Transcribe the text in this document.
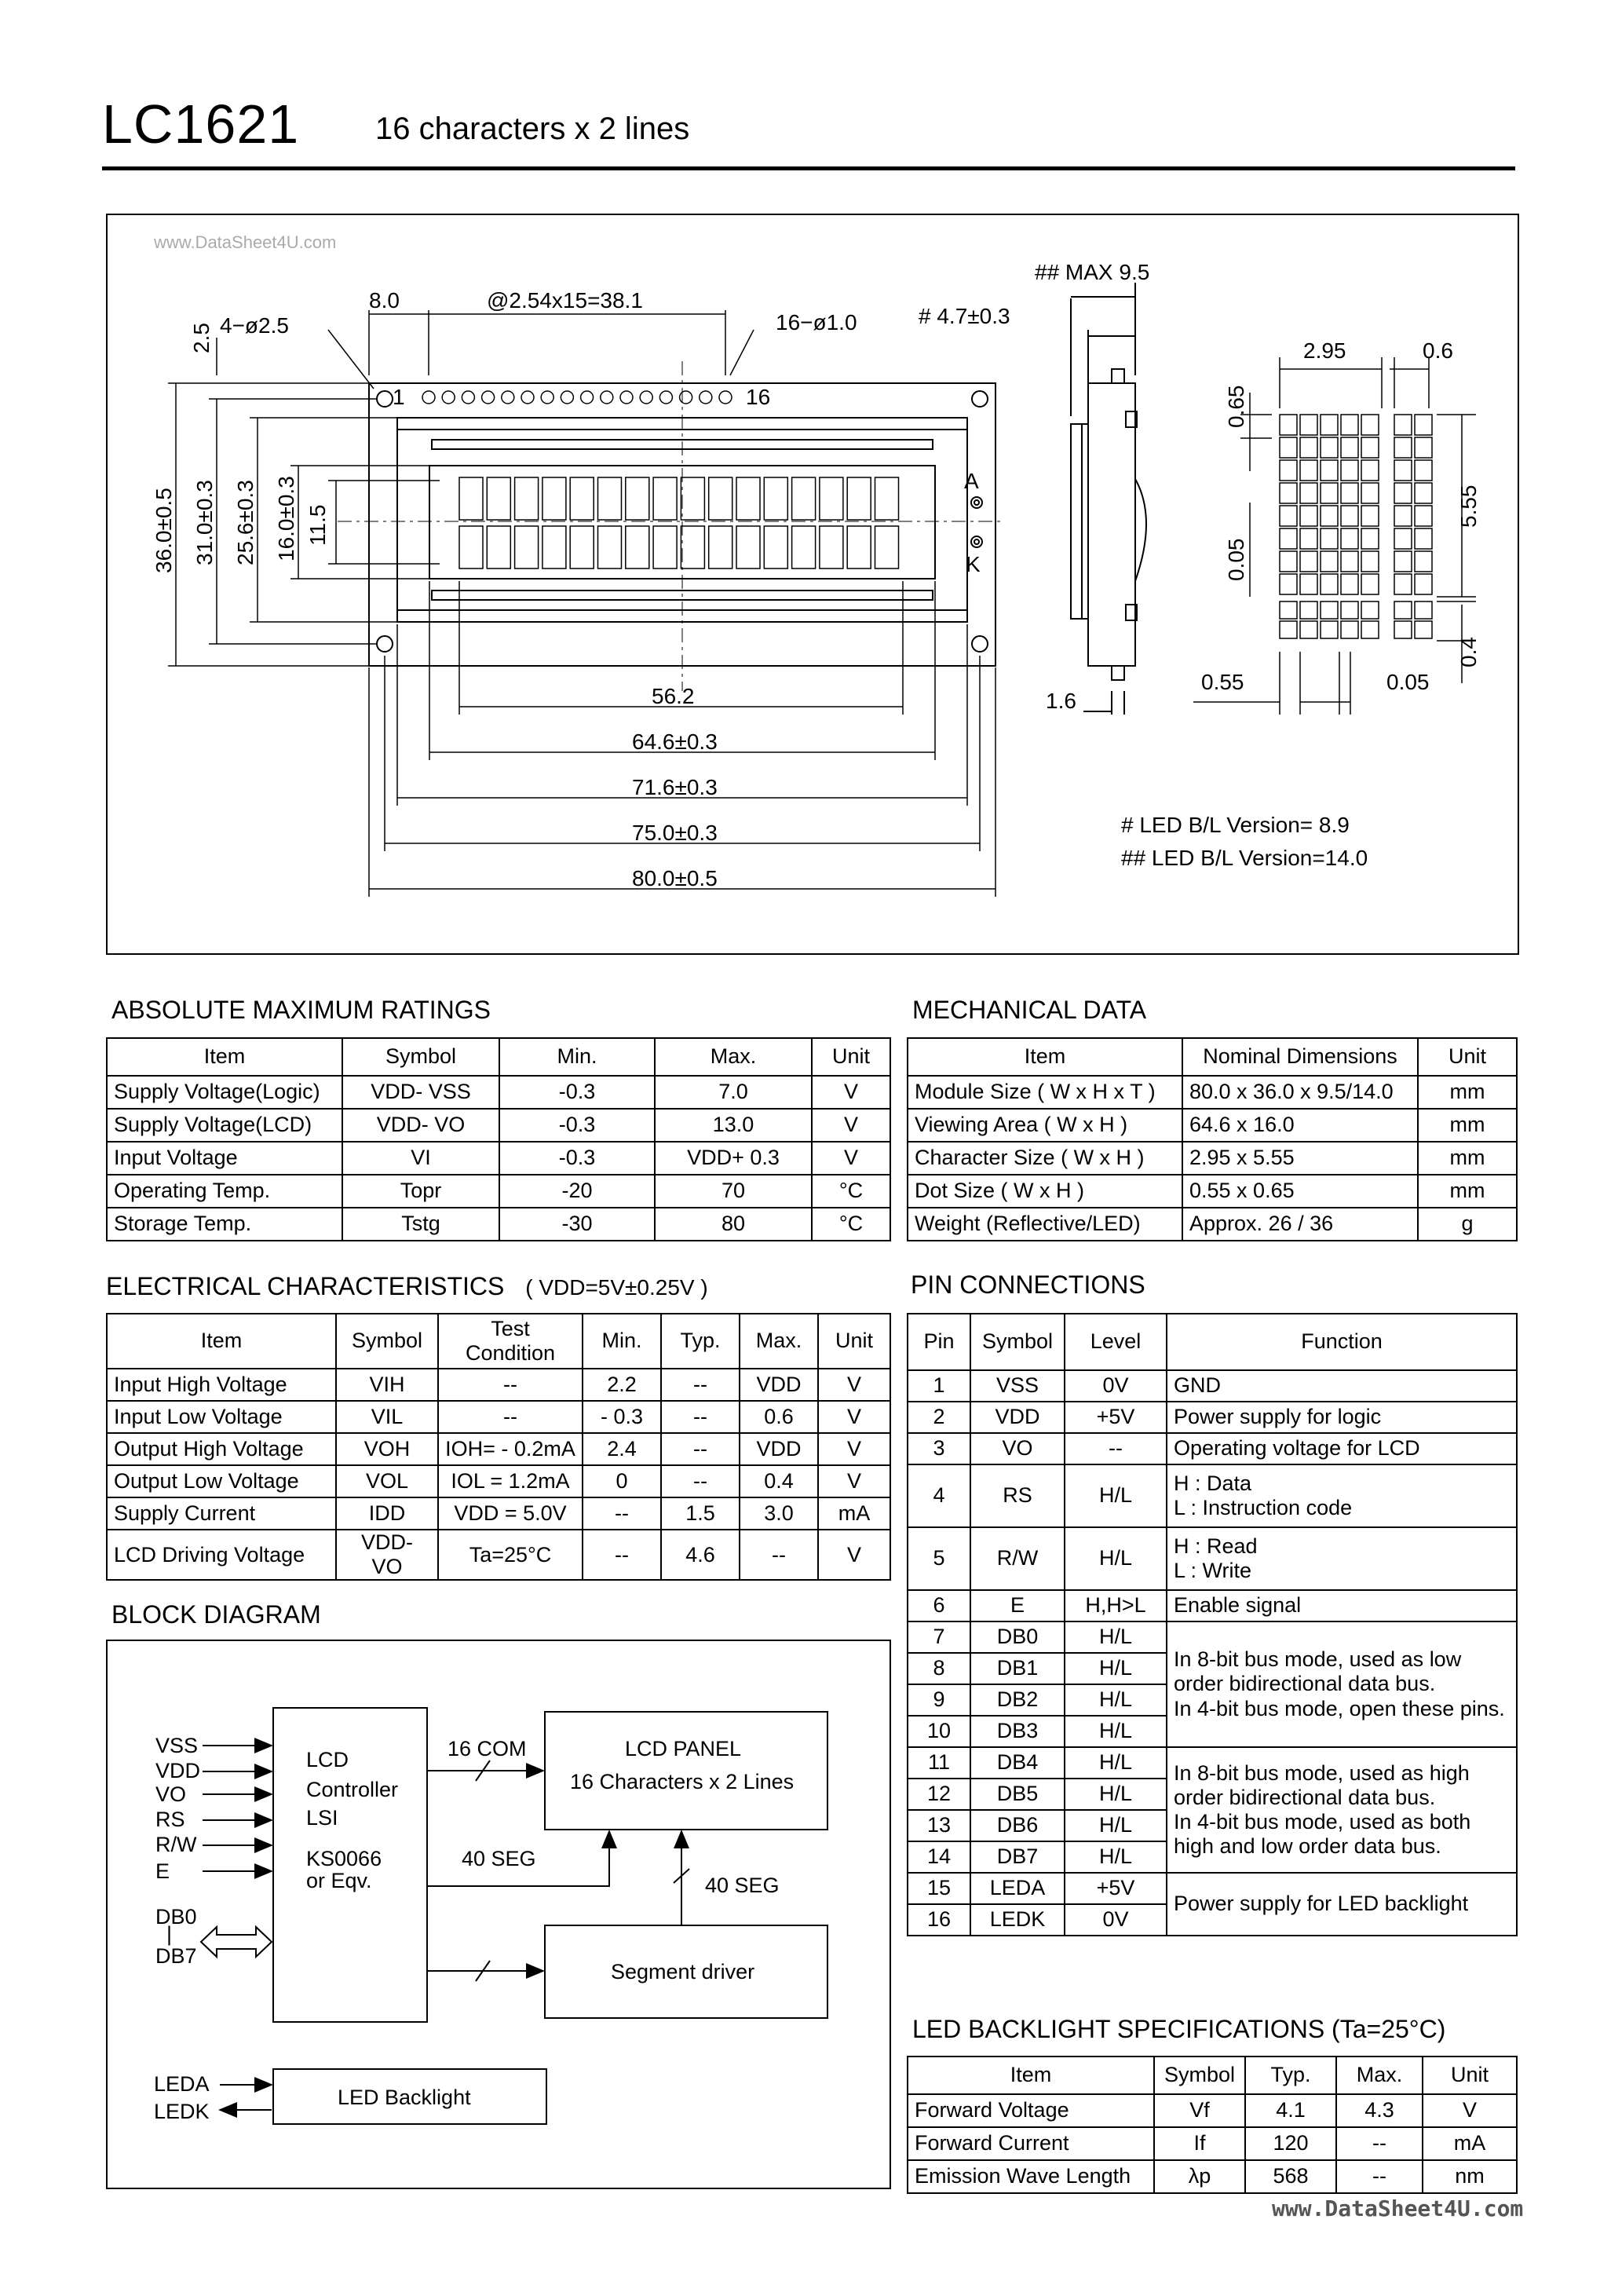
LC1621 16 characters x 2 lines
www.DataSheet4U.com
8.0	@2.54x15=38.1
4−ø2.5	16−ø1.0
1	16
A
K
56.2
64.6±0.3
71.6±0.3
75.0±0.3
80.0±0.5
36.0±0.5 31.0±0.3 25.6±0.3 16.0±0.3 11.5
2.5
## MAX 9.5
# 4.7±0.3
1.6
2.95	0.6
5.55
0.65
0.05
0.4
0.55	0.05
# LED B/L Version= 8.9
## LED B/L Version=14.0
ABSOLUTE MAXIMUM RATINGS
Item	Symbol	Min.	Max.	Unit
Supply Voltage(Logic)	VDD- VSS	-0.3	7.0	V
Supply Voltage(LCD)	VDD- VO	-0.3	13.0	V
Input Voltage	VI	-0.3	VDD+ 0.3	V
Operating Temp.	Topr	-20	70	°C
Storage Temp.	Tstg	-30	80	°C
MECHANICAL DATA
Item	Nominal Dimensions	Unit
Module Size ( W x H x T )	80.0 x 36.0 x 9.5/14.0	mm
Viewing Area ( W x H )	64.6 x 16.0	mm
Character Size ( W x H )	2.95 x 5.55	mm
Dot Size ( W x H )	0.55 x 0.65	mm
Weight (Reflective/LED)	Approx. 26 / 36	g
ELECTRICAL CHARACTERISTICS ( VDD=5V±0.25V )
Item	Symbol	Test Condition	Min.	Typ.	Max.	Unit
Input High Voltage	VIH	--	2.2	--	VDD	V
Input Low Voltage	VIL	--	- 0.3	--	0.6	V
Output High Voltage	VOH	IOH= - 0.2mA	2.4	--	VDD	V
Output Low Voltage	VOL	IOL = 1.2mA	0	--	0.4	V
Supply Current	IDD	VDD = 5.0V	--	1.5	3.0	mA
LCD Driving Voltage	VDD- VO	Ta=25°C	--	4.6	--	V
PIN CONNECTIONS
Pin	Symbol	Level	Function
1	VSS	0V	GND
2	VDD	+5V	Power supply for logic
3	VO	--	Operating voltage for LCD
4	RS	H/L	H : Data
L : Instruction code
5	R/W	H/L	H : Read
L : Write
6	E	H,H>L	Enable signal
7	DB0	H/L	In 8-bit bus mode, used as low order bidirectional data bus.
In 4-bit bus mode, open these pins.
8	DB1	H/L	
9	DB2	H/L	
10	DB3	H/L	
11	DB4	H/L	In 8-bit bus mode, used as high order bidirectional data bus.
In 4-bit bus mode, used as both high and low order data bus.
12	DB5	H/L	
13	DB6	H/L	
14	DB7	H/L	
15	LEDA	+5V	Power supply for LED backlight
16	LEDK	0V	
BLOCK DIAGRAM
VSS
VDD
VO
RS
R/W
E
DB0
|
DB7
LCD
Controller
LSI
KS0066
or Eqv.
16 COM
40 SEG
40 SEG
LCD PANEL
16 Characters x 2 Lines
Segment driver
LEDA
LEDK
LED Backlight
LED BACKLIGHT SPECIFICATIONS (Ta=25°C)
Item	Symbol	Typ.	Max.	Unit
Forward Voltage	Vf	4.1	4.3	V
Forward Current	If	120	--	mA
Emission Wave Length	λp	568	--	nm
www.DataSheet4U.com
